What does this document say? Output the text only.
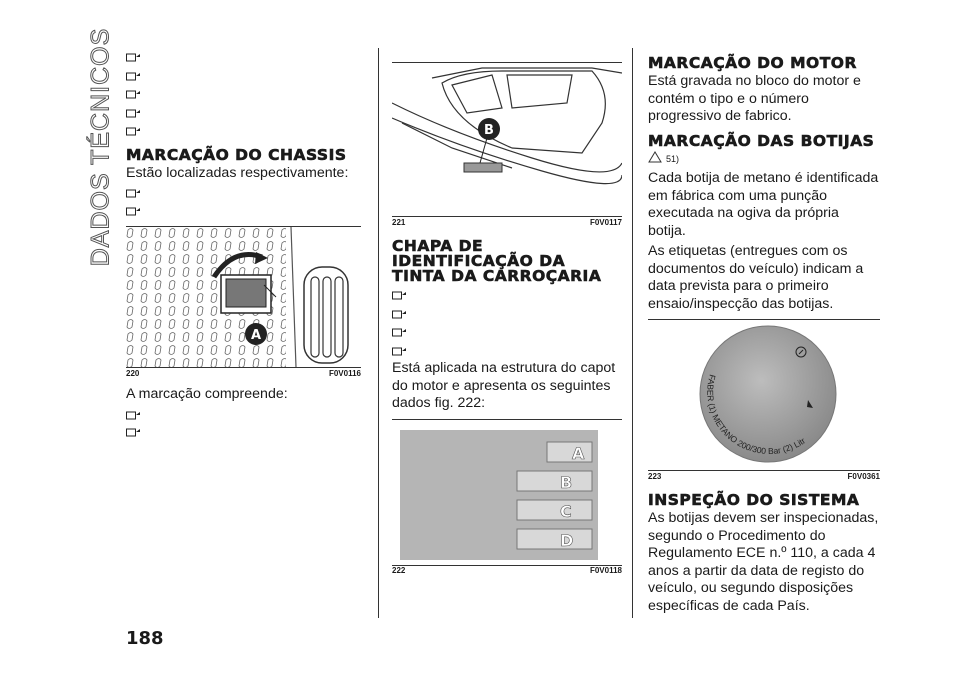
DADOS TÉCNICOS
188

MARCAÇÃO DO CHASSIS

Estão localizadas respectivamente:

A
220	F0V0116

A marcação compreende:

B
221	F0V0117
CHAPA DE IDENTIFICAÇÃO DA TINTA DA CARROÇARIA

Está aplicada na estrutura do capot do motor e apresenta os seguintes dados fig. 222:

A
B
C
D
222	F0V0118
MARCAÇÃO DO MOTOR

Está gravada no bloco do motor e contém o tipo e o número progressivo de fabrico.

MARCAÇÃO DAS BOTIJAS
51)

Cada botija de metano é identificada em fábrica com uma punção executada na ogiva da própria botija.

As etiquetas (entregues com os documentos do veículo) indicam a data prevista para o primeiro ensaio/inspecção das botijas.

FABER (1) METANO 200/300 Bar (2) Litr
223	F0V0361
INSPEÇÃO DO SISTEMA

As botijas devem ser inspecionadas, segundo o Procedimento do Regulamento ECE n.º 110, a cada 4 anos a partir da data de registo do veículo, ou segundo disposições específicas de cada País.
